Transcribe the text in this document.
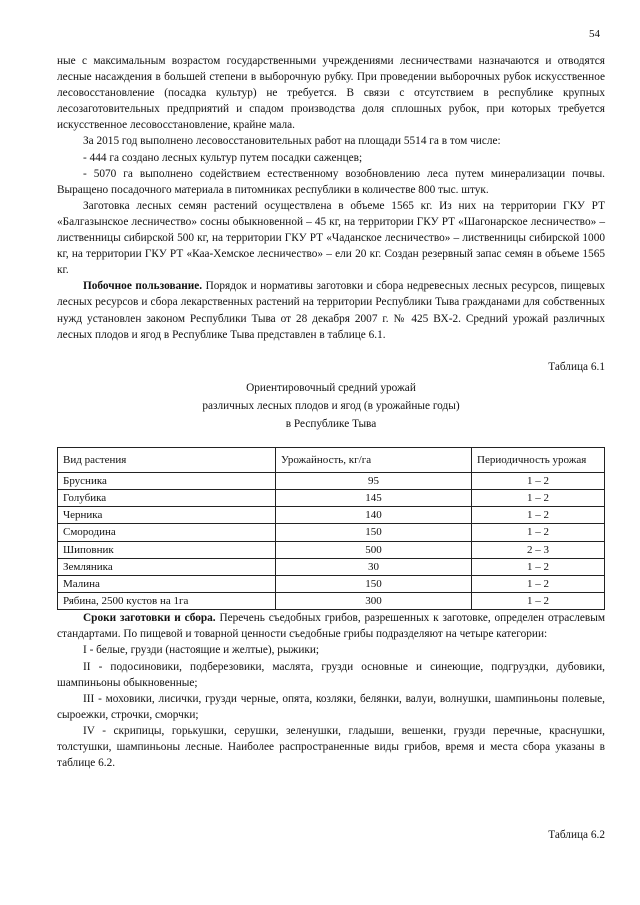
54

ные с максимальным возрастом государственными учреждениями лесничествами назначаются и отводятся лесные насаждения в большей степени в выборочную рубку. При проведении выборочных рубок искусственное лесовосстановление (посадка культур) не требуется. В связи с отсутствием в республике крупных лесозаготовительных предприятий и спадом производства доля сплошных рубок, при которых требуется искусственное лесовосстановление, крайне мала.

За 2015 год выполнено лесовосстановительных работ на площади 5514 га в том числе:

- 444 га создано лесных культур путем посадки саженцев;

- 5070 га выполнено содействием естественному возобновлению леса путем минерализации почвы. Выращено посадочного материала в питомниках республики в количестве 800 тыс. штук.

Заготовка лесных семян растений осуществлена в объеме 1565 кг. Из них на территории ГКУ РТ «Балгазынское лесничество» сосны обыкновенной – 45 кг, на территории ГКУ РТ «Шагонарское лесничество» – лиственницы сибирской 500 кг, на территории ГКУ РТ «Чаданское лесничество» – лиственницы сибирской 1000 кг, на территории ГКУ РТ «Каа-Хемское лесничество» – ели 20 кг. Создан резервный запас семян в объеме 1565 кг.

Побочное пользование. Порядок и нормативы заготовки и сбора недревесных лесных ресурсов, пищевых лесных ресурсов и сбора лекарственных растений на территории Республики Тыва гражданами для собственных нужд установлен законом Республики Тыва от 28 декабря 2007 г. № 425 ВХ-2. Средний урожай различных лесных плодов и ягод в Республике Тыва представлен в таблице 6.1.

Таблица 6.1
Ориентировочный средний урожай
различных лесных плодов и ягод (в урожайные годы)
в Республике Тыва
Вид растения	Урожайность, кг/га	Периодичность урожая
Брусника	95	1 – 2
Голубика	145	1 – 2
Черника	140	1 – 2
Смородина	150	1 – 2
Шиповник	500	2 – 3
Земляника	30	1 – 2
Малина	150	1 – 2
Рябина, 2500 кустов на 1га	300	1 – 2

Сроки заготовки и сбора. Перечень съедобных грибов, разрешенных к заготовке, определен отраслевым стандартами. По пищевой и товарной ценности съедобные грибы подразделяют на четыре категории:

I - белые, грузди (настоящие и желтые), рыжики;

II - подосиновики, подберезовики, маслята, грузди основные и синеющие, подгруздки, дубовики, шампиньоны обыкновенные;

III - моховики, лисички, грузди черные, опята, козляки, белянки, валуи, волнушки, шампиньоны полевые, сыроежки, строчки, сморчки;

IV - скрипицы, горькушки, серушки, зеленушки, гладыши, вешенки, грузди перечные, краснушки, толстушки, шампиньоны лесные. Наиболее распространенные виды грибов, время и места сбора указаны в таблице 6.2.

Таблица 6.2
